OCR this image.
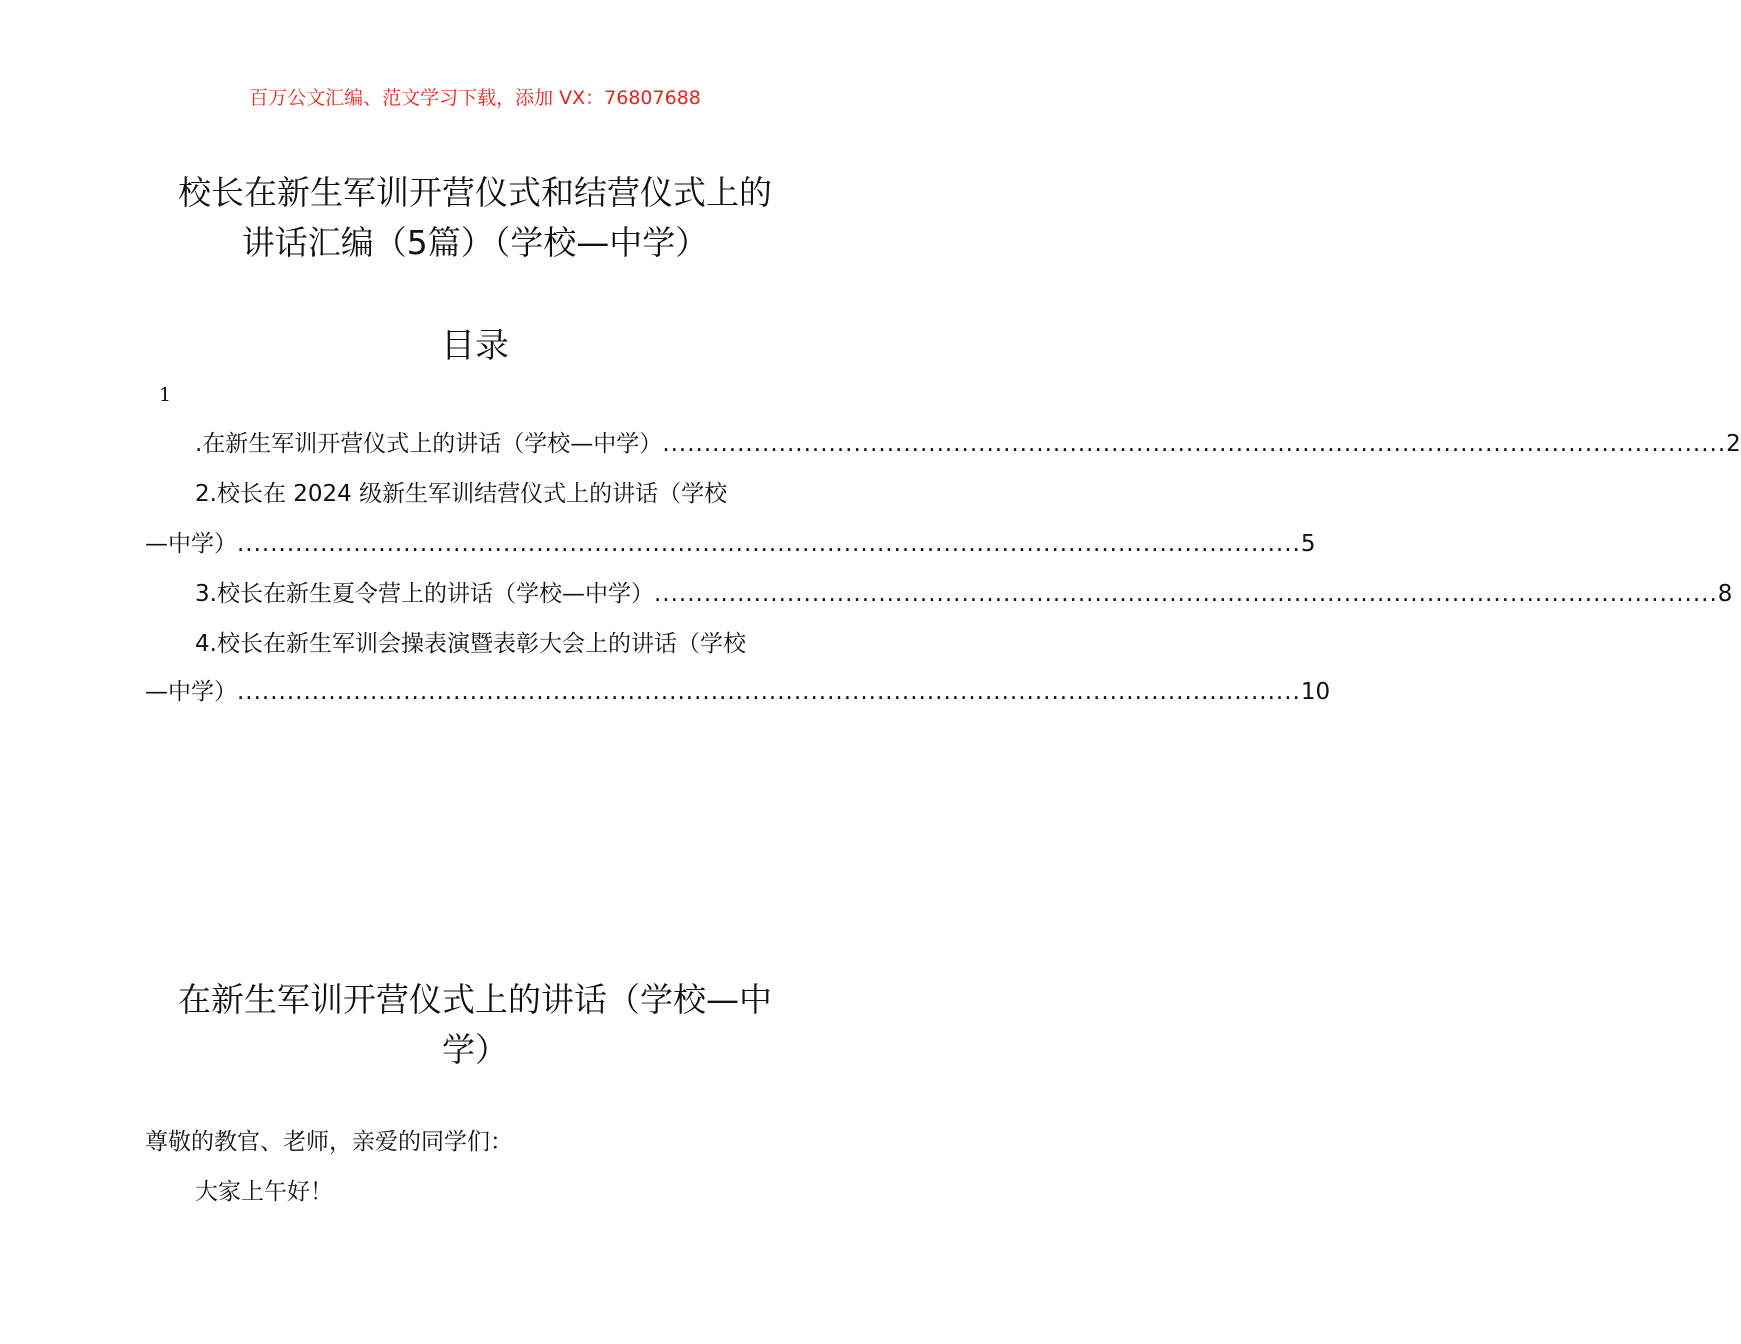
百万公文汇编、范文学习下载，添加 VX：76807688
校长在新生军训开营仪式和结营仪式上的
讲话汇编（5篇）（学校—中学）
目录
1
.在新生军训开营仪式上的讲话（学校—中学） ................................................................................................................................ 2
2.校长在 2024 级新生军训结营仪式上的讲话（学校
—中学） ................................................................................................................................ 5
3.校长在新生夏令营上的讲话（学校—中学） ................................................................................................................................ 8
4.校长在新生军训会操表演暨表彰大会上的讲话（学校
—中学） ................................................................................................................................ 10
在新生军训开营仪式上的讲话（学校—中
学）
尊敬的教官、老师，亲爱的同学们：
大家上午好！
